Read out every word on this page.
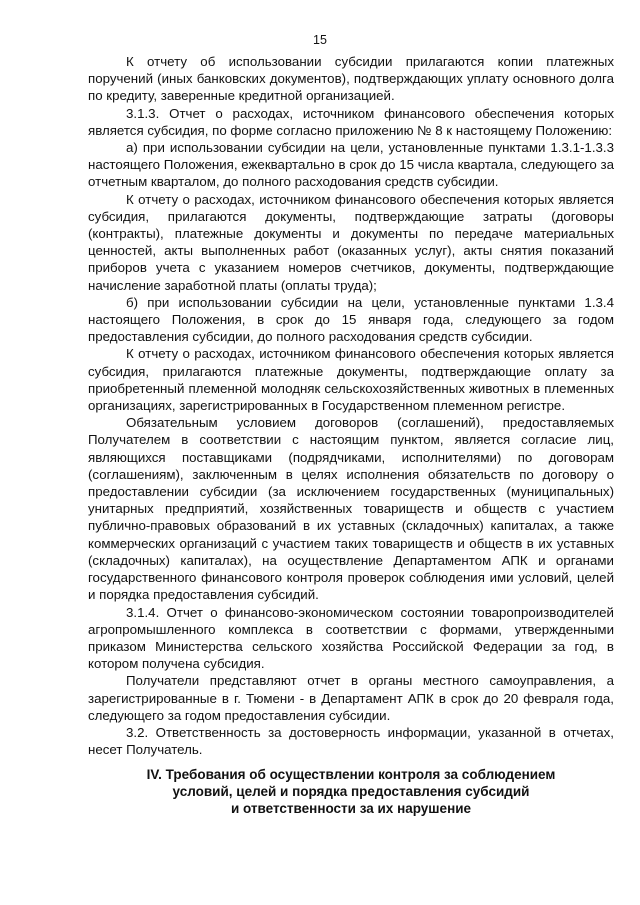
15

К отчету об использовании субсидии прилагаются копии платежных поручений (иных банковских документов), подтверждающих уплату основного долга по кредиту, заверенные кредитной организацией.

3.1.3. Отчет о расходах, источником финансового обеспечения которых является субсидия, по форме согласно приложению № 8 к настоящему Положению:

а) при использовании субсидии на цели, установленные пунктами 1.3.1-1.3.3 настоящего Положения, ежеквартально в срок до 15 числа квартала, следующего за отчетным кварталом, до полного расходования средств субсидии.

К отчету о расходах, источником финансового обеспечения которых является субсидия, прилагаются документы, подтверждающие затраты (договоры (контракты), платежные документы и документы по передаче материальных ценностей, акты выполненных работ (оказанных услуг), акты снятия показаний приборов учета с указанием номеров счетчиков, документы, подтверждающие начисление заработной платы (оплаты труда);

б) при использовании субсидии на цели, установленные пунктами 1.3.4 настоящего Положения, в срок до 15 января года, следующего за годом предоставления субсидии, до полного расходования средств субсидии.

К отчету о расходах, источником финансового обеспечения которых является субсидия, прилагаются платежные документы, подтверждающие оплату за приобретенный племенной молодняк сельскохозяйственных животных в племенных организациях, зарегистрированных в Государственном племенном регистре.

Обязательным условием договоров (соглашений), предоставляемых Получателем в соответствии с настоящим пунктом, является согласие лиц, являющихся поставщиками (подрядчиками, исполнителями) по договорам (соглашениям), заключенным в целях исполнения обязательств по договору о предоставлении субсидии (за исключением государственных (муниципальных) унитарных предприятий, хозяйственных товариществ и обществ с участием публично-правовых образований в их уставных (складочных) капиталах, а также коммерческих организаций с участием таких товариществ и обществ в их уставных (складочных) капиталах), на осуществление Департаментом АПК и органами государственного финансового контроля проверок соблюдения ими условий, целей и порядка предоставления субсидий.

3.1.4. Отчет о финансово-экономическом состоянии товаропроизводителей агропромышленного комплекса в соответствии с формами, утвержденными приказом Министерства сельского хозяйства Российской Федерации за год, в котором получена субсидия.

Получатели представляют отчет в органы местного самоуправления, а зарегистрированные в г. Тюмени - в Департамент АПК в срок до 20 февраля года, следующего за годом предоставления субсидии.

3.2. Ответственность за достоверность информации, указанной в отчетах, несет Получатель.

IV. Требования об осуществлении контроля за соблюдением
условий, целей и порядка предоставления субсидий
и ответственности за их нарушение
